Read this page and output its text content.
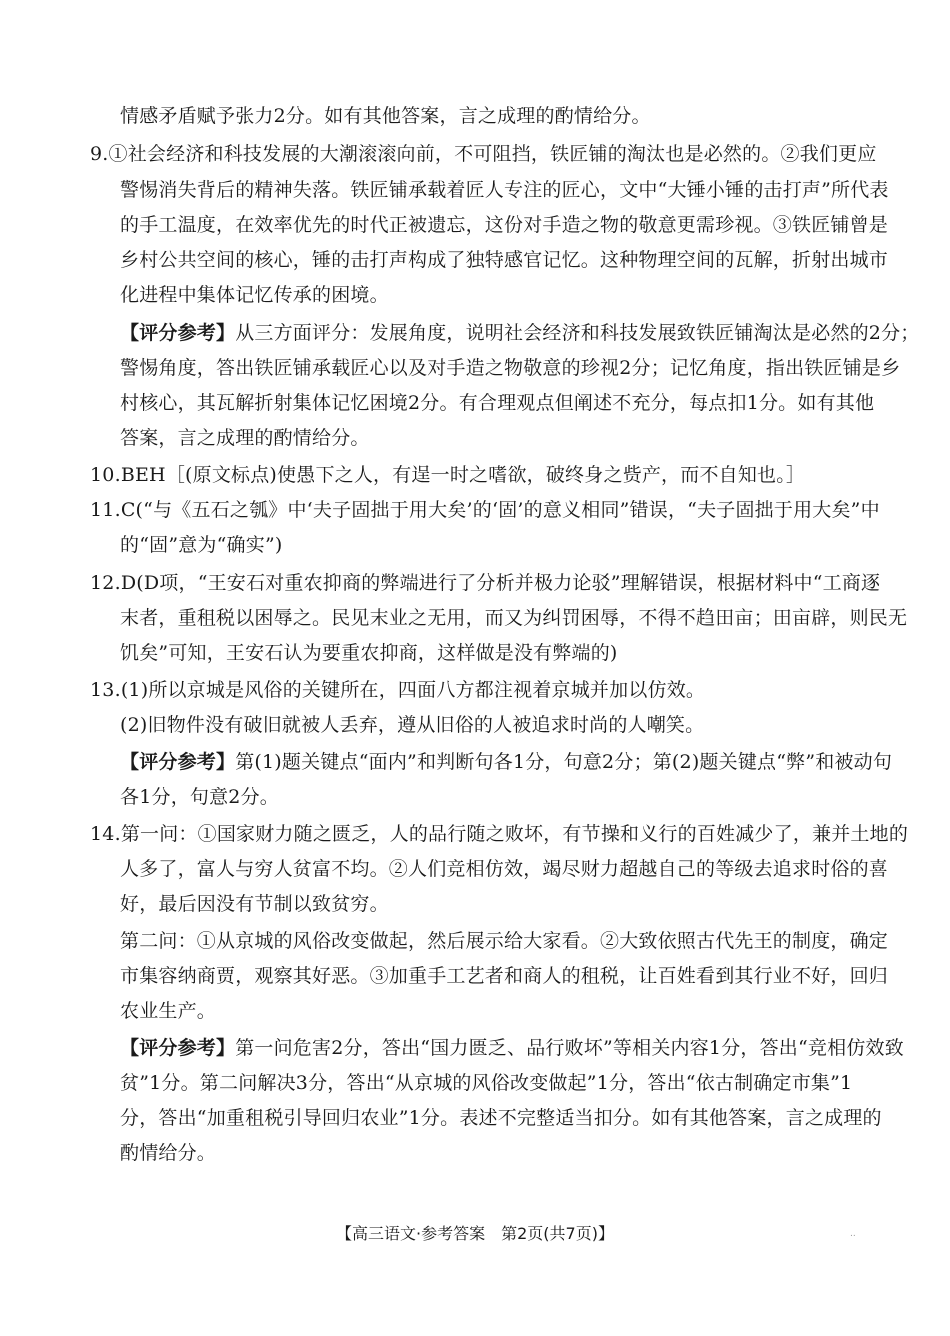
情感矛盾赋予张力2分。如有其他答案，言之成理的酌情给分。
9.①社会经济和科技发展的大潮滚滚向前，不可阻挡，铁匠铺的淘汰也是必然的。②我们更应
警惕消失背后的精神失落。铁匠铺承载着匠人专注的匠心，文中“大锤小锤的击打声”所代表
的手工温度，在效率优先的时代正被遗忘，这份对手造之物的敬意更需珍视。③铁匠铺曾是
乡村公共空间的核心，锤的击打声构成了独特感官记忆。这种物理空间的瓦解，折射出城市
化进程中集体记忆传承的困境。
【评分参考】从三方面评分：发展角度，说明社会经济和科技发展致铁匠铺淘汰是必然的2分；
警惕角度，答出铁匠铺承载匠心以及对手造之物敬意的珍视2分；记忆角度，指出铁匠铺是乡
村核心，其瓦解折射集体记忆困境2分。有合理观点但阐述不充分，每点扣1分。如有其他
答案，言之成理的酌情给分。
10.BEH［(原文标点)使愚下之人，有逞一时之嗜欲，破终身之赀产，而不自知也。］
11.C(“与《五石之瓠》中‘夫子固拙于用大矣’的‘固’的意义相同”错误，“夫子固拙于用大矣”中
的“固”意为“确实”)
12.D(D项，“王安石对重农抑商的弊端进行了分析并极力论驳”理解错误，根据材料中“工商逐
末者，重租税以困辱之。民见末业之无用，而又为纠罚困辱，不得不趋田亩；田亩辟，则民无
饥矣”可知，王安石认为要重农抑商，这样做是没有弊端的)
13.(1)所以京城是风俗的关键所在，四面八方都注视着京城并加以仿效。
(2)旧物件没有破旧就被人丢弃，遵从旧俗的人被追求时尚的人嘲笑。
【评分参考】第(1)题关键点“面内”和判断句各1分，句意2分；第(2)题关键点“弊”和被动句
各1分，句意2分。
14.第一问：①国家财力随之匮乏，人的品行随之败坏，有节操和义行的百姓减少了，兼并土地的
人多了，富人与穷人贫富不均。②人们竞相仿效，竭尽财力超越自己的等级去追求时俗的喜
好，最后因没有节制以致贫穷。
第二问：①从京城的风俗改变做起，然后展示给大家看。②大致依照古代先王的制度，确定
市集容纳商贾，观察其好恶。③加重手工艺者和商人的租税，让百姓看到其行业不好，回归
农业生产。
【评分参考】第一问危害2分，答出“国力匮乏、品行败坏”等相关内容1分，答出“竞相仿效致
贫”1分。第二问解决3分，答出“从京城的风俗改变做起”1分，答出“依古制确定市集”1
分，答出“加重租税引导回归农业”1分。表述不完整适当扣分。如有其他答案，言之成理的
酌情给分。
【高三语文·参考答案　第2页(共7页)】	..
